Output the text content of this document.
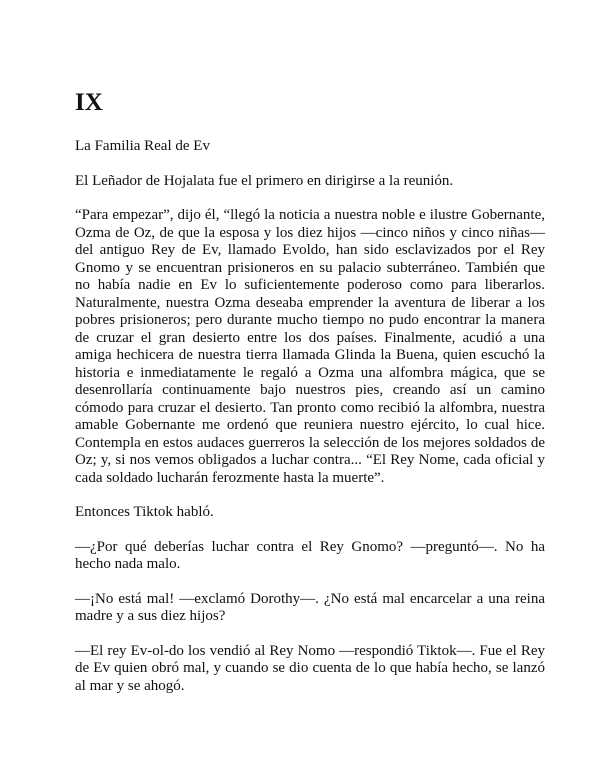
IX

La Familia Real de Ev

El Leñador de Hojalata fue el primero en dirigirse a la reunión.

“Para empezar”, dijo él, “llegó la noticia a nuestra noble e ilustre Gobernante, Ozma de Oz, de que la esposa y los diez hijos —cinco niños y cinco niñas— del antiguo Rey de Ev, llamado Evoldo, han sido esclavizados por el Rey Gnomo y se encuentran prisioneros en su palacio subterráneo. También que no había nadie en Ev lo suficientemente poderoso como para liberarlos. Naturalmente, nuestra Ozma deseaba emprender la aventura de liberar a los pobres prisioneros; pero durante mucho tiempo no pudo encontrar la manera de cruzar el gran desierto entre los dos países. Finalmente, acudió a una amiga hechicera de nuestra tierra llamada Glinda la Buena, quien escuchó la historia e inmediatamente le regaló a Ozma una alfombra mágica, que se desenrollaría continuamente bajo nuestros pies, creando así un camino cómodo para cruzar el desierto. Tan pronto como recibió la alfombra, nuestra amable Gobernante me ordenó que reuniera nuestro ejército, lo cual hice. Contempla en estos audaces guerreros la selección de los mejores soldados de Oz; y, si nos vemos obligados a luchar contra... “El Rey Nome, cada oficial y cada soldado lucharán ferozmente hasta la muerte”.

Entonces Tiktok habló.

—¿Por qué deberías luchar contra el Rey Gnomo? —preguntó—. No ha hecho nada malo.

—¡No está mal! —exclamó Dorothy—. ¿No está mal encarcelar a una reina madre y a sus diez hijos?

—El rey Ev-ol-do los vendió al Rey Nomo —respondió Tiktok—. Fue el Rey de Ev quien obró mal, y cuando se dio cuenta de lo que había hecho, se lanzó al mar y se ahogó.
